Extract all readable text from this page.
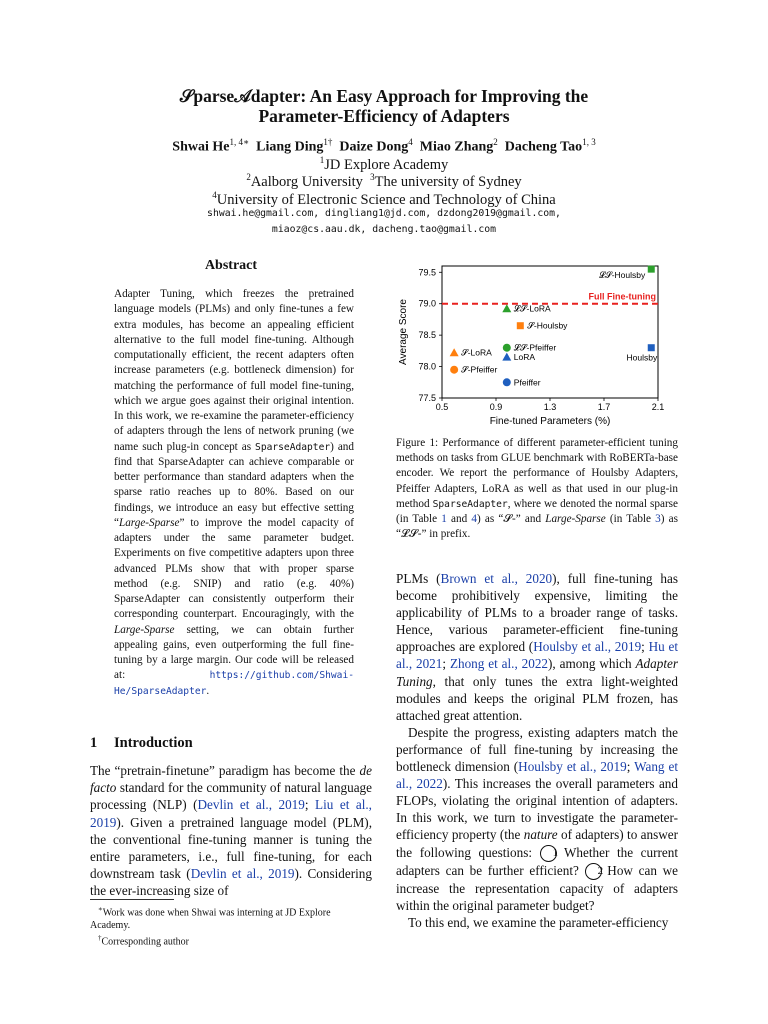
𝒮parse𝒜dapter: An Easy Approach for Improving the
Parameter-Efficiency of Adapters
Shwai $He^{1, 4∗}$ Liang Ding$^{1\dagger}$ Daize Dong$^4$ Miao Zhang$^2$ Dacheng Tao$^{1, 3}$
$^1$JD Explore Academy
$^2$Aalborg University $^3$The university of Sydney
$^4$University of Electronic Science and Technology of China
shwai.he@gmail.com, dingliang1@jd.com, dzdong2019@gmail.com,
miaoz@cs.aau.dk, dacheng.tao@gmail.com
Abstract
Adapter Tuning, which freezes the pretrained language models (PLMs) and only fine-tunes a few extra modules, has become an appealing efficient alternative to the full model fine-tuning. Although computationally efficient, the recent adapters often increase parameters (e.g. bottleneck dimension) for matching the performance of full model fine-tuning, which we argue goes against their original intention. In this work, we re-examine the parameter-efficiency of adapters through the lens of network pruning (we name such plug-in concept as SparseAdapter) and find that SparseAdapter can achieve comparable or better performance than standard adapters when the sparse ratio reaches up to 80%. Based on our findings, we introduce an easy but effective setting “Large-Sparse” to improve the model capacity of adapters under the same parameter budget. Experiments on five competitive adapters upon three advanced PLMs show that with proper sparse method (e.g. SNIP) and ratio (e.g. 40%) SparseAdapter can consistently outperform their corresponding counterpart. Encouragingly, with the Large-Sparse setting, we can obtain further appealing gains, even outperforming the full fine-tuning by a large margin. Our code will be released at: https://github.com/Shwai-He/SparseAdapter.
1 Introduction
The “pretrain-finetune” paradigm has become the de facto standard for the community of natural language processing (NLP) (Devlin et al., 2019; Liu et al., 2019). Given a pretrained language model (PLM), the conventional fine-tuning manner is tuning the entire parameters, i.e., full fine-tuning, for each downstream task (Devlin et al., 2019). Considering the ever-increasing size of
∗Work was done when Shwai was interning at JD Explore Academy.
†Corresponding author
0.5	0.9	1.3	1.7	2.1
77.5
78.0
78.5
79.0
79.5
Fine-tuned Parameters (%)
Average Score
Full Fine-tuning
𝓛𝓢-Houlsby
𝓛𝓢-LoRA
𝓢-Houlsby
𝓛𝓢-Pfeiffer
LoRA	Houlsby
𝓢-LoRA
𝓢-Pfeiffer
Pfeiffer
Figure 1: Performance of different parameter-efficient tuning methods on tasks from GLUE benchmark with RoBERTa-base encoder. We report the performance of Houlsby Adapters, Pfeiffer Adapters, LoRA as well as that used in our plug-in method SparseAdapter, where we denoted the normal sparse (in Table 1 and 4) as “𝓢-” and Large-Sparse (in Table 3) as “𝓛𝓢-” in prefix.

PLMs (Brown et al., 2020), full fine-tuning has become prohibitively expensive, limiting the applicability of PLMs to a broader range of tasks. Hence, various parameter-efficient fine-tuning approaches are explored (Houlsby et al., 2019; Hu et al., 2021; Zhong et al., 2022), among which Adapter Tuning, that only tunes the extra light-weighted modules and keeps the original PLM frozen, has attached great attention.

Despite the progress, existing adapters match the performance of full fine-tuning by increasing the bottleneck dimension (Houlsby et al., 2019; Wang et al., 2022). This increases the overall parameters and FLOPs, violating the original intention of adapters. In this work, we turn to investigate the parameter-efficiency property (the nature of adapters) to answer the following questions: 1 Whether the current adapters can be further efficient? 2 How can we increase the representation capacity of adapters within the original parameter budget?

To this end, we examine the parameter-efficiency
